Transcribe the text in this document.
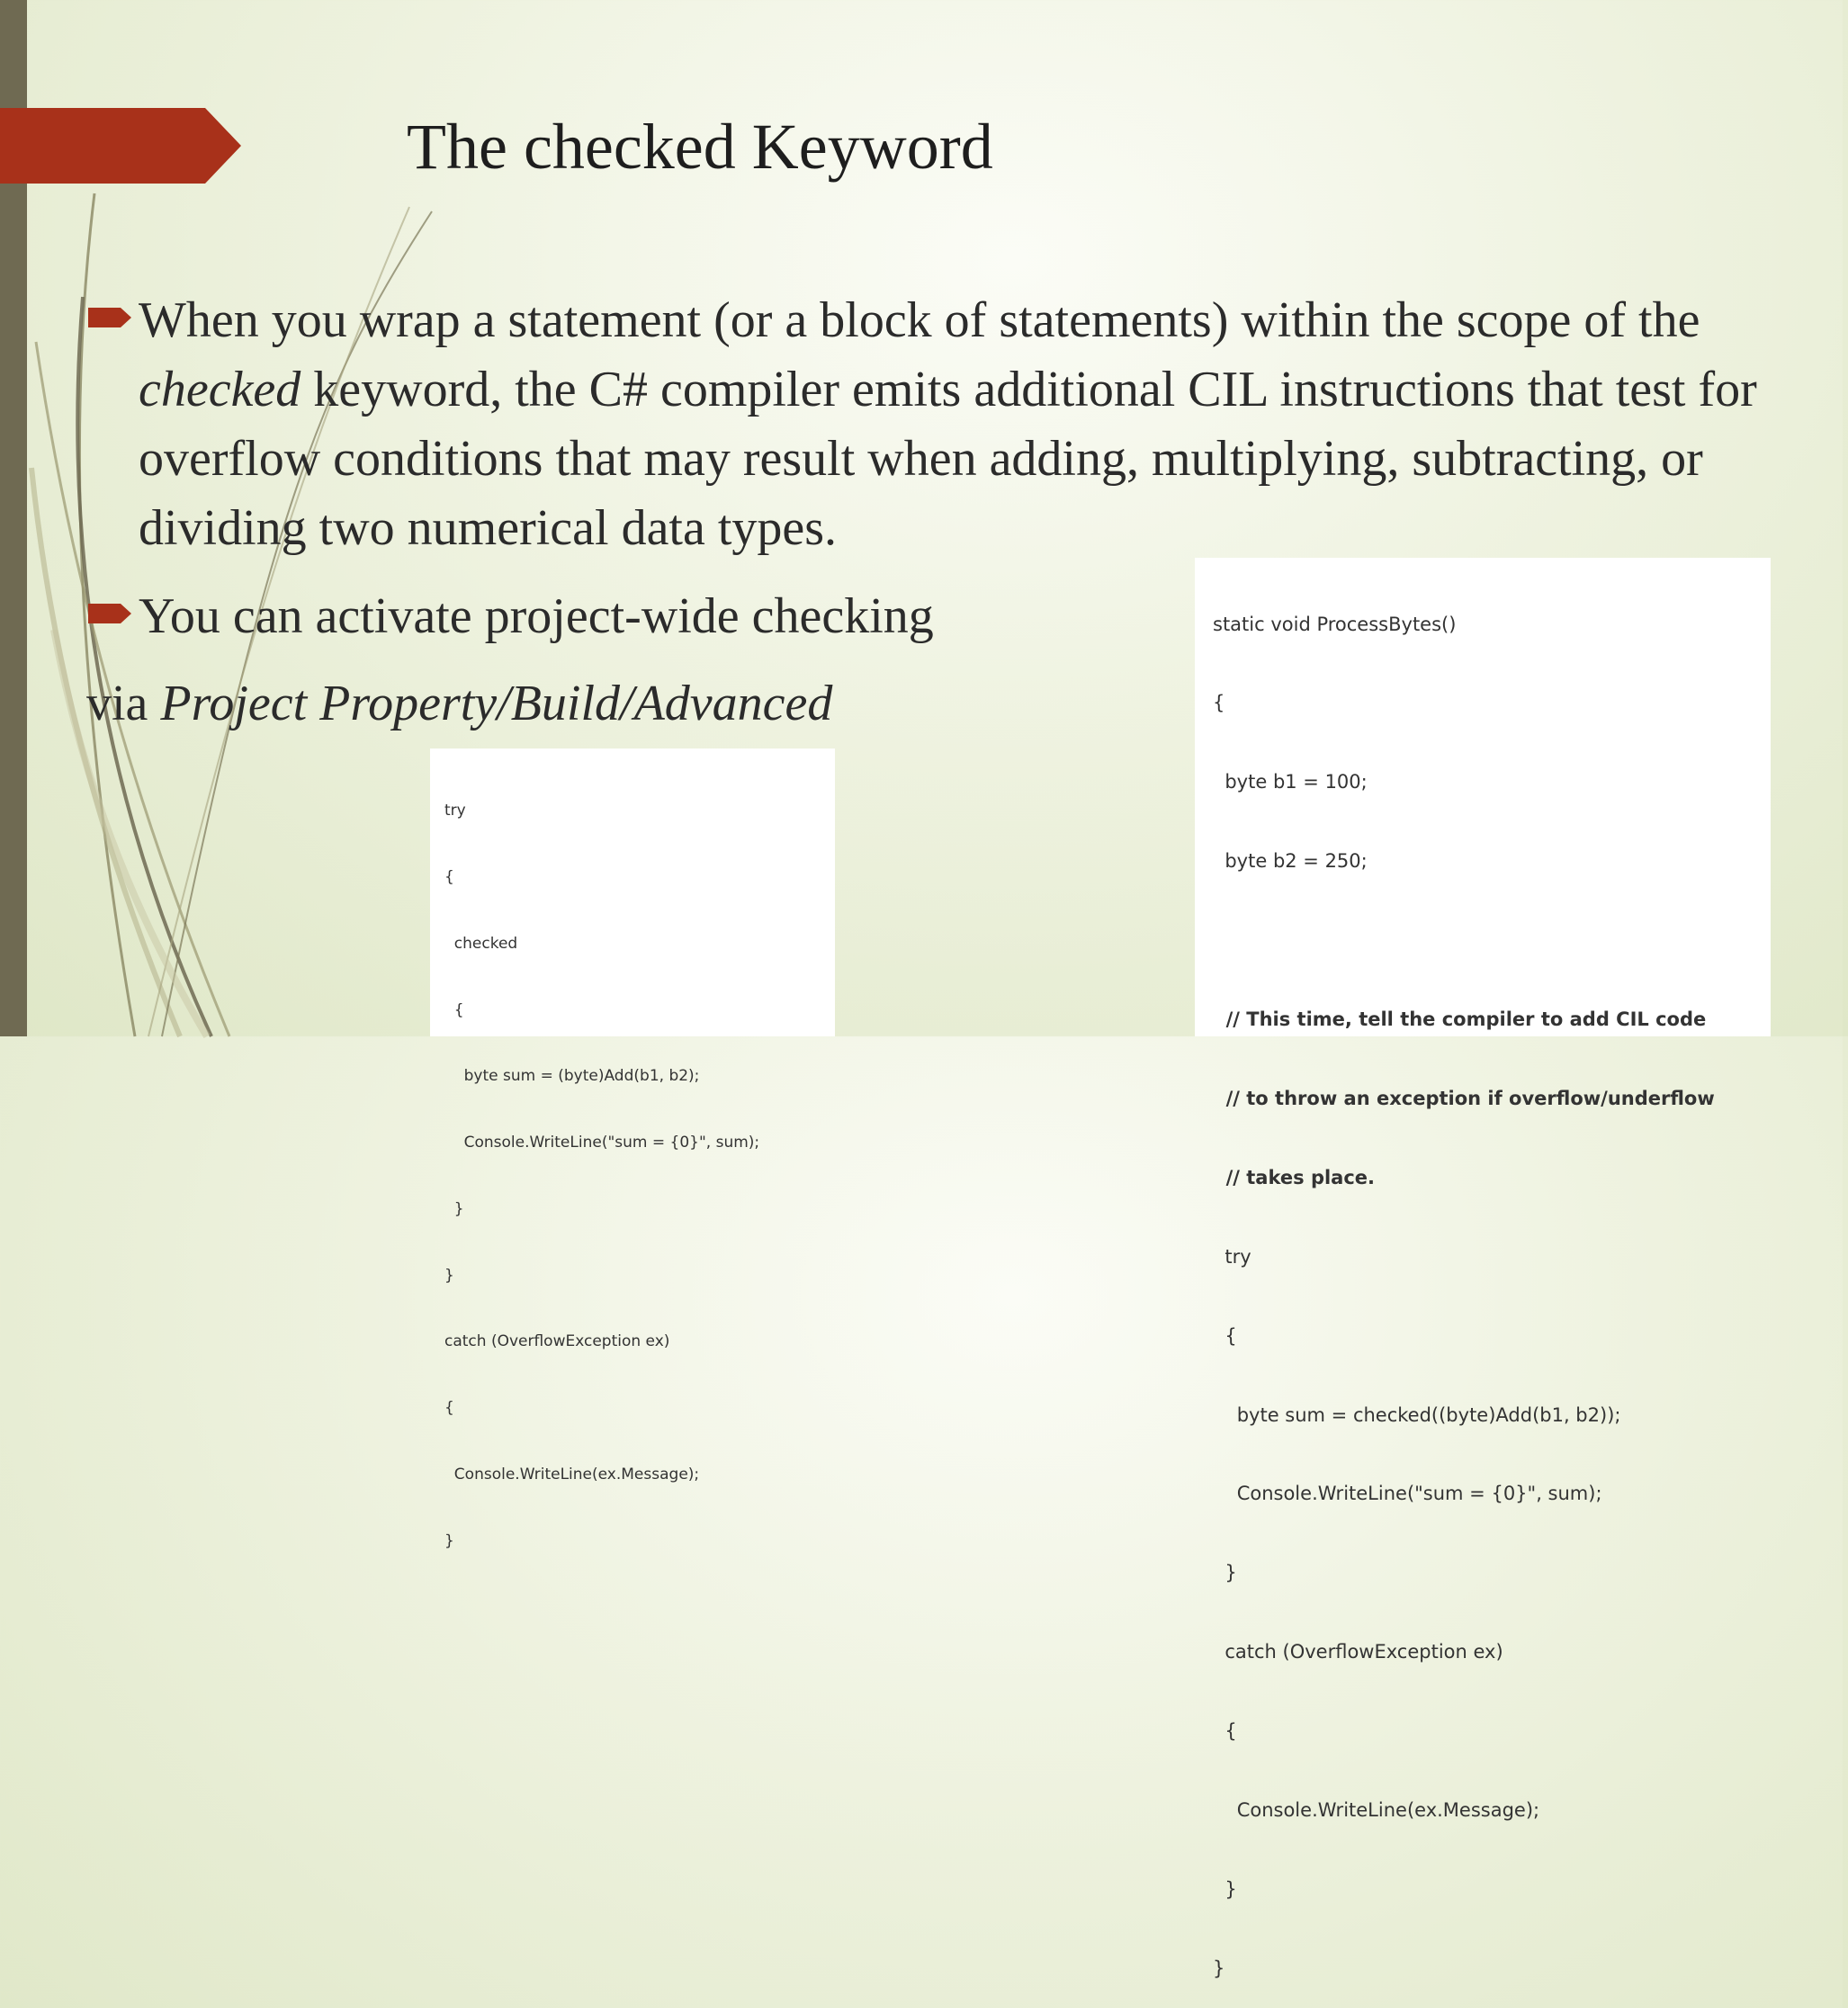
The checked Keyword
When you wrap a statement (or a block of statements) within the scope of the checked keyword, the C# compiler emits additional CIL instructions that test for overflow conditions that may result when adding, multiplying, subtracting, or dividing two numerical data types.
You can activate project-wide checking
via Project Property/Build/Advanced

try

{

checked

{

byte sum = (byte)Add(b1, b2);

Console.WriteLine("sum = {0}", sum);

}

}

catch (OverflowException ex)

{

Console.WriteLine(ex.Message);

}

static void ProcessBytes()

{

byte b1 = 100;

byte b2 = 250;

// This time, tell the compiler to add CIL code

// to throw an exception if overflow/underflow

// takes place.

try

{

byte sum = checked((byte)Add(b1, b2));

Console.WriteLine("sum = {0}", sum);

}

catch (OverflowException ex)

{

Console.WriteLine(ex.Message);

}

}
